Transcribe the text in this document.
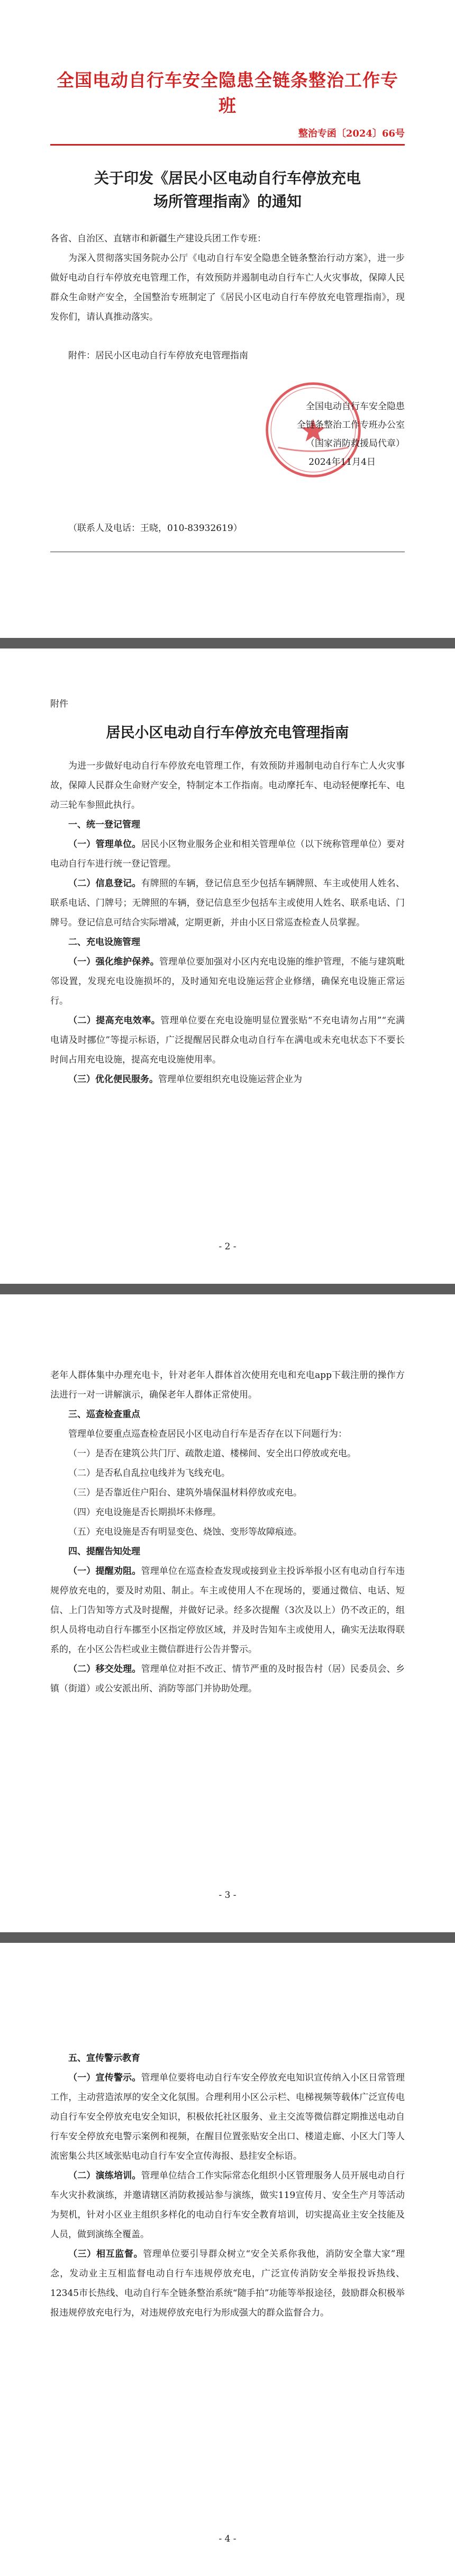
全国电动自行车安全隐患全链条整治工作专班
整治专函〔2024〕66号
关于印发《居民小区电动自行车停放充电
场所管理指南》的通知

各省、自治区、直辖市和新疆生产建设兵团工作专班：

为深入贯彻落实国务院办公厅《电动自行车安全隐患全链条整治行动方案》，进一步做好电动自行车停放充电管理工作，有效预防并遏制电动自行车亡人火灾事故，保障人民群众生命财产安全，全国整治专班制定了《居民小区电动自行车停放充电管理指南》，现发你们，请认真推动落实。

附件：居民小区电动自行车停放充电管理指南

全国电动自行车安全隐患
全链条整治工作专班办公室
（国家消防救援局代章）
2024年11月4日

（联系人及电话：王晓，010-83932619）

附件
居民小区电动自行车停放充电管理指南

为进一步做好电动自行车停放充电管理工作，有效预防并遏制电动自行车亡人火灾事故，保障人民群众生命财产安全，特制定本工作指南。电动摩托车、电动轻便摩托车、电动三轮车参照此执行。

一、统一登记管理

（一）管理单位。居民小区物业服务企业和相关管理单位（以下统称管理单位）要对电动自行车进行统一登记管理。

（二）信息登记。有牌照的车辆，登记信息至少包括车辆牌照、车主或使用人姓名、联系电话、门牌号；无牌照的车辆，登记信息至少包括车主或使用人姓名、联系电话、门牌号。登记信息可结合实际增减，定期更新，并由小区日常巡查检查人员掌握。

二、充电设施管理

（一）强化维护保养。管理单位要加强对小区内充电设施的维护管理，不能与建筑毗邻设置，发现充电设施损坏的，及时通知充电设施运营企业修缮，确保充电设施正常运行。

（二）提高充电效率。管理单位要在充电设施明显位置张贴“不充电请勿占用”“充满电请及时挪位”等提示标语，广泛提醒居民群众电动自行车在满电或未充电状态下不要长时间占用充电设施，提高充电设施使用率。

（三）优化便民服务。管理单位要组织充电设施运营企业为

- 2 -

老年人群体集中办理充电卡，针对老年人群体首次使用充电和充电app下载注册的操作方法进行一对一讲解演示，确保老年人群体正常使用。

三、巡查检查重点

管理单位要重点巡查检查居民小区电动自行车是否存在以下问题行为：

（一）是否在建筑公共门厅、疏散走道、楼梯间、安全出口停放或充电。

（二）是否私自乱拉电线并为飞线充电。

（三）是否靠近住户阳台、建筑外墙保温材料停放或充电。

（四）充电设施是否长期损坏未修理。

（五）充电设施是否有明显变色、烧蚀、变形等故障痕迹。

四、提醒告知处理

（一）提醒劝阻。管理单位在巡查检查发现或接到业主投诉举报小区有电动自行车违规停放充电的，要及时劝阻、制止。车主或使用人不在现场的，要通过微信、电话、短信、上门告知等方式及时提醒，并做好记录。经多次提醒（3次及以上）仍不改正的，组织人员将电动自行车挪至小区指定停放区域，并及时告知车主或使用人，确实无法取得联系的，在小区公告栏或业主微信群进行公告并警示。

（二）移交处理。管理单位对拒不改正、情节严重的及时报告村（居）民委员会、乡镇（街道）或公安派出所、消防等部门并协助处理。

- 3 -

五、宣传警示教育

（一）宣传警示。管理单位要将电动自行车安全停放充电知识宣传纳入小区日常管理工作，主动营造浓厚的安全文化氛围。合理利用小区公示栏、电梯视频等载体广泛宣传电动自行车安全停放充电安全知识，积极依托社区服务、业主交流等微信群定期推送电动自行车安全停放充电警示案例和视频，在醒目位置张贴安全出口、楼道走廊、小区大门等人流密集公共区域张贴电动自行车安全宣传海报、悬挂安全标语。

（二）演练培训。管理单位结合工作实际常态化组织小区管理服务人员开展电动自行车火灾扑救演练，并邀请辖区消防救援站参与演练，做实119宣传月、安全生产月等活动为契机，针对小区业主组织多样化的电动自行车安全教育培训，切实提高业主安全技能及人员，做到演练全覆盖。

（三）相互监督。管理单位要引导群众树立“安全关系你我他，消防安全靠大家”理念，发动业主互相监督电动自行车违规停放充电，广泛宣传消防安全举报投诉热线、12345市长热线、电动自行车全链条整治系统“随手拍”功能等举报途径，鼓励群众积极举报违规停放充电行为，对违规停放充电行为形成强大的群众监督合力。

- 4 -
